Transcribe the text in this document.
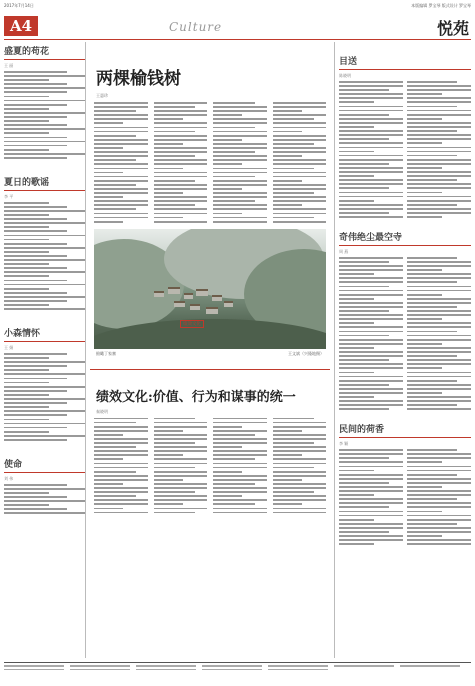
2017年7月14日	本版编辑 罗宝琴 版式设计 罗宝琴
A4	Culture	悦苑
盛夏的苟花
王 丽
夏日的歌谣
李 平
小森情怀
王 娟
使命
刘 伟
两棵榆钱树
王惠珍
俯瞰丁家寨	王文斌（兴隆地摄）
绩效文化:价值、行为和谋事的统一
秦晓明
绩效文化
目送
陈晓明
奇伟绝尘最空寺
周 燕
民间的荷香
李 颖
